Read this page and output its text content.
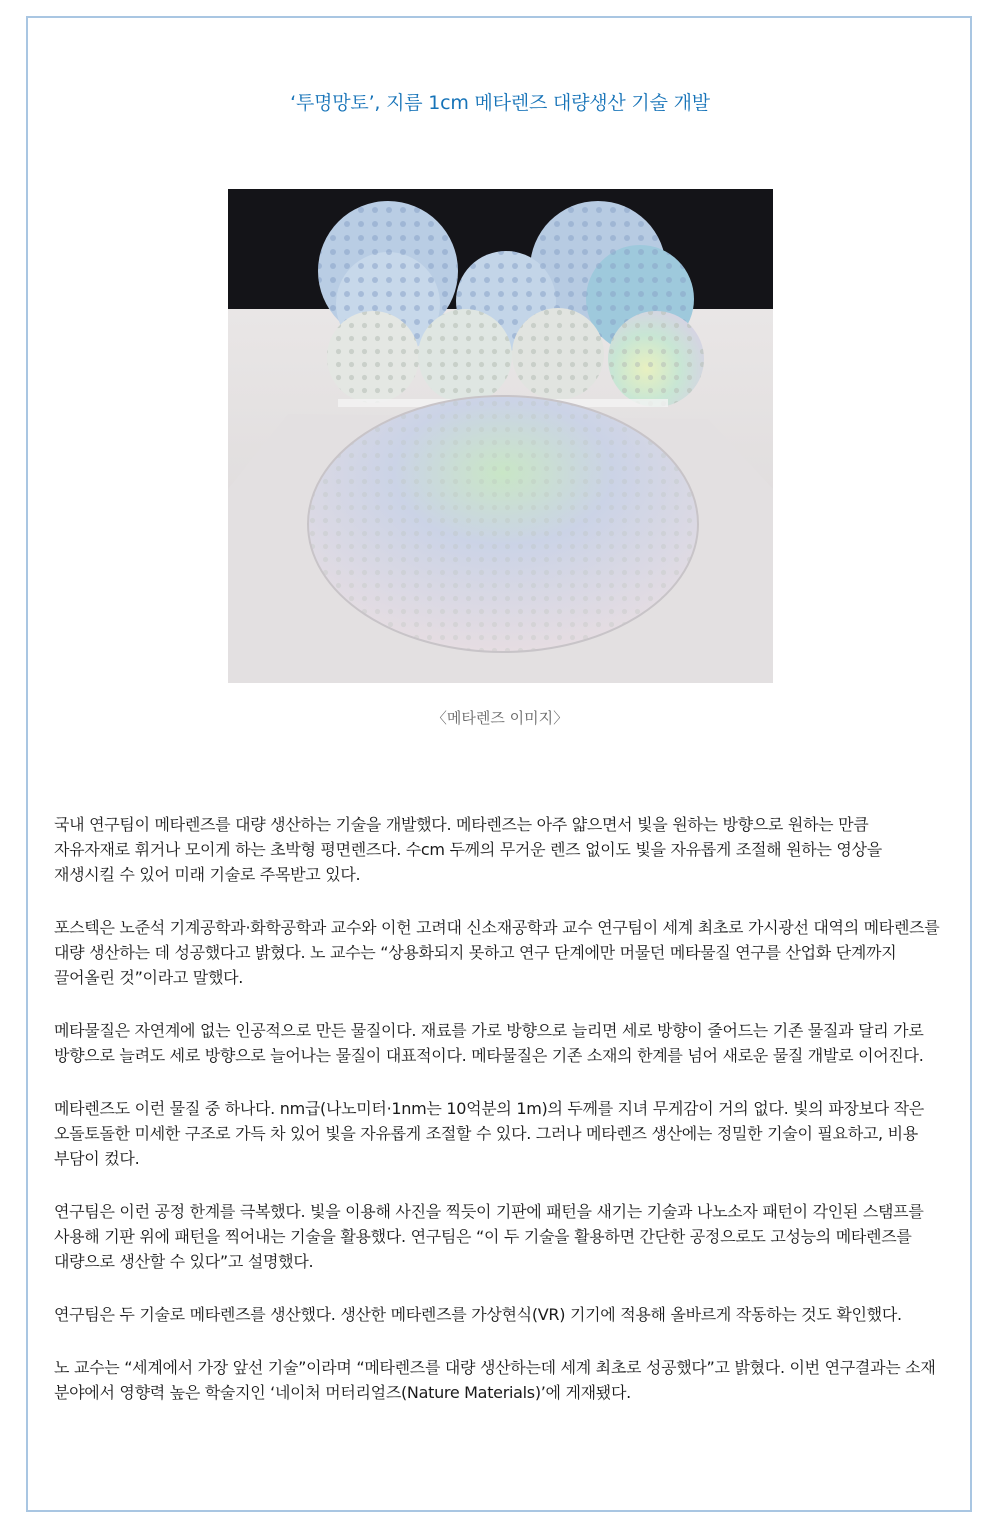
‘투명망토’, 지름 1cm 메타렌즈 대량생산 기술 개발
〈메타렌즈 이미지〉

국내 연구팀이 메타렌즈를 대량 생산하는 기술을 개발했다. 메타렌즈는 아주 얇으면서 빛을 원하는 방향으로 원하는 만큼 자유자재로 휘거나 모이게 하는 초박형 평면렌즈다. 수cm 두께의 무거운 렌즈 없이도 빛을 자유롭게 조절해 원하는 영상을 재생시킬 수 있어 미래 기술로 주목받고 있다.

포스텍은 노준석 기계공학과·화학공학과 교수와 이헌 고려대 신소재공학과 교수 연구팀이 세계 최초로 가시광선 대역의 메타렌즈를 대량 생산하는 데 성공했다고 밝혔다. 노 교수는 “상용화되지 못하고 연구 단계에만 머물던 메타물질 연구를 산업화 단계까지 끌어올린 것”이라고 말했다.

메타물질은 자연계에 없는 인공적으로 만든 물질이다. 재료를 가로 방향으로 늘리면 세로 방향이 줄어드는 기존 물질과 달리 가로 방향으로 늘려도 세로 방향으로 늘어나는 물질이 대표적이다. 메타물질은 기존 소재의 한계를 넘어 새로운 물질 개발로 이어진다.

메타렌즈도 이런 물질 중 하나다. nm급(나노미터·1nm는 10억분의 1m)의 두께를 지녀 무게감이 거의 없다. 빛의 파장보다 작은 오돌토돌한 미세한 구조로 가득 차 있어 빛을 자유롭게 조절할 수 있다. 그러나 메타렌즈 생산에는 정밀한 기술이 필요하고, 비용 부담이 컸다.

연구팀은 이런 공정 한계를 극복했다. 빛을 이용해 사진을 찍듯이 기판에 패턴을 새기는 기술과 나노소자 패턴이 각인된 스탬프를 사용해 기판 위에 패턴을 찍어내는 기술을 활용했다. 연구팀은 “이 두 기술을 활용하면 간단한 공정으로도 고성능의 메타렌즈를 대량으로 생산할 수 있다”고 설명했다.

연구팀은 두 기술로 메타렌즈를 생산했다. 생산한 메타렌즈를 가상현식(VR) 기기에 적용해 올바르게 작동하는 것도 확인했다.

노 교수는 “세계에서 가장 앞선 기술”이라며 “메타렌즈를 대량 생산하는데 세계 최초로 성공했다”고 밝혔다. 이번 연구결과는 소재 분야에서 영향력 높은 학술지인 ‘네이처 머터리얼즈(Nature Materials)’에 게재됐다.
